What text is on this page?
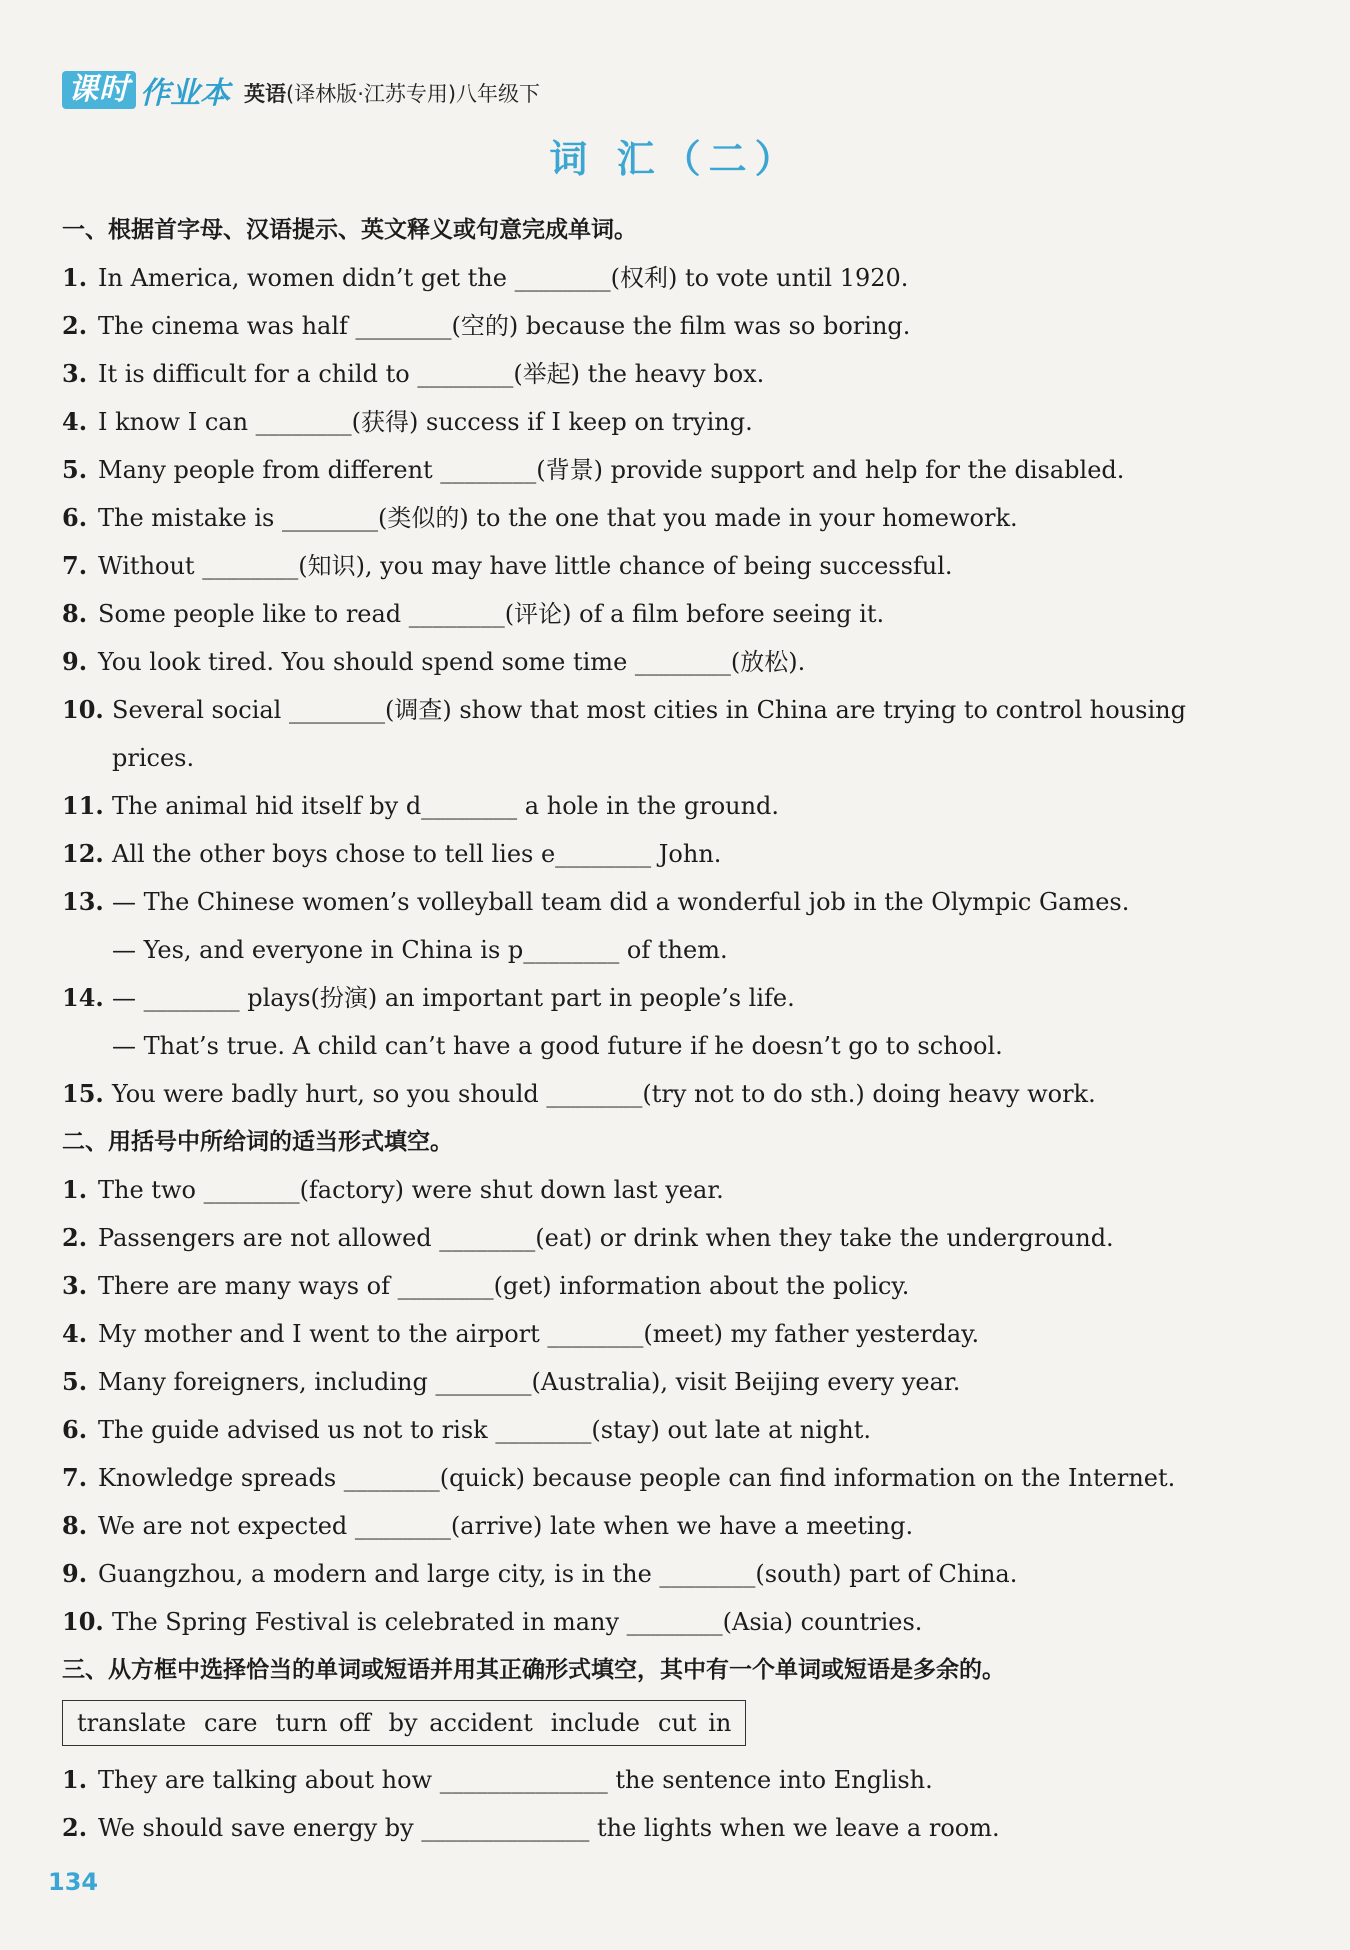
课时 作业本 英语(译林版·江苏专用)八年级下
词 汇（二）
一、根据首字母、汉语提示、英文释义或句意完成单词。
1. In America, women didn’t get the ________(权利) to vote until 1920.
2. The cinema was half ________(空的) because the film was so boring.
3. It is difficult for a child to ________(举起) the heavy box.
4. I know I can ________(获得) success if I keep on trying.
5. Many people from different ________(背景) provide support and help for the disabled.
6. The mistake is ________(类似的) to the one that you made in your homework.
7. Without ________(知识), you may have little chance of being successful.
8. Some people like to read ________(评论) of a film before seeing it.
9. You look tired. You should spend some time ________(放松).
10. Several social ________(调查) show that most cities in China are trying to control housing
prices.
11. The animal hid itself by d________ a hole in the ground.
12. All the other boys chose to tell lies e________ John.
13. — The Chinese women’s volleyball team did a wonderful job in the Olympic Games.
— Yes, and everyone in China is p________ of them.
14. — ________ plays(扮演) an important part in people’s life.
— That’s true. A child can’t have a good future if he doesn’t go to school.
15. You were badly hurt, so you should ________(try not to do sth.) doing heavy work.
二、用括号中所给词的适当形式填空。
1. The two ________(factory) were shut down last year.
2. Passengers are not allowed ________(eat) or drink when they take the underground.
3. There are many ways of ________(get) information about the policy.
4. My mother and I went to the airport ________(meet) my father yesterday.
5. Many foreigners, including ________(Australia), visit Beijing every year.
6. The guide advised us not to risk ________(stay) out late at night.
7. Knowledge spreads ________(quick) because people can find information on the Internet.
8. We are not expected ________(arrive) late when we have a meeting.
9. Guangzhou, a modern and large city, is in the ________(south) part of China.
10. The Spring Festival is celebrated in many ________(Asia) countries.
三、从方框中选择恰当的单词或短语并用其正确形式填空，其中有一个单词或短语是多余的。
translate care turn off by accident include cut in
1. They are talking about how ______________ the sentence into English.
2. We should save energy by ______________ the lights when we leave a room.
134
